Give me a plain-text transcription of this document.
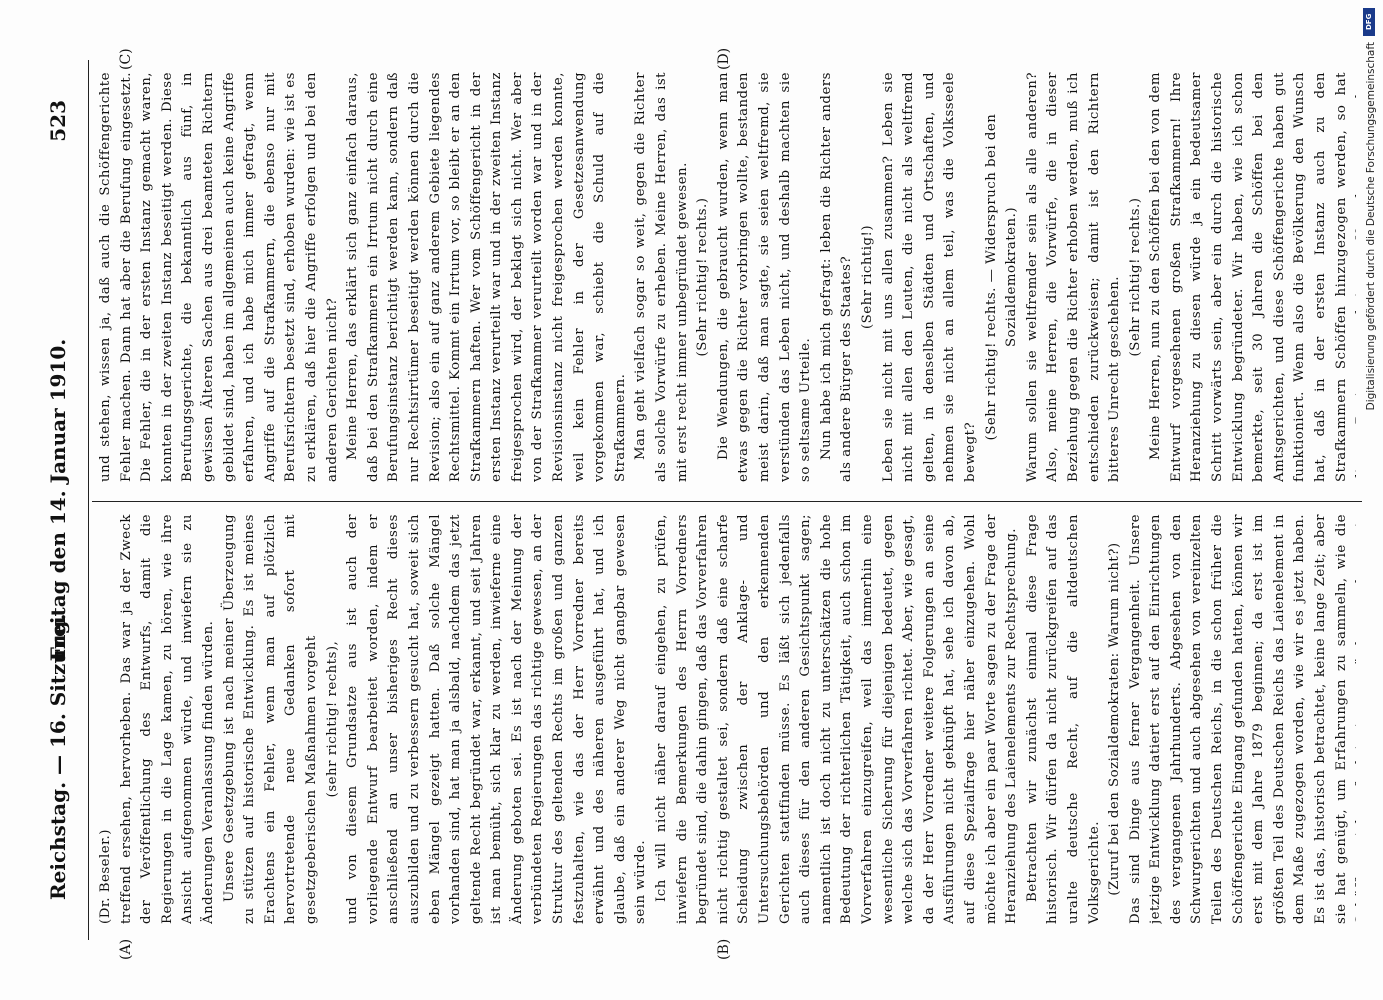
Reichstag. — 16. Sitzung.
Freitag den 14. Januar 1910.
523
(A)	(B)
(C)	(D)

(Dr. Beseler.) treffend ersehen, hervorheben. Das war ja der Zweck der Veröffentlichung des Entwurfs, damit die Regierungen in die Lage kamen, zu hören, wie ihre Ansicht aufgenommen würde, und inwiefern sie zu Änderungen Veranlassung finden würden. Unsere Gesetzgebung ist nach meiner Überzeugung zu stützen auf historische Entwicklung. Es ist meines Erachtens ein Fehler, wenn man auf plötzlich hervortretende neue Gedanken sofort mit gesetzgeberischen Maßnahmen vorgeht (sehr richtig! rechts), und von diesem Grundsatze aus ist auch der vorliegende Entwurf bearbeitet worden, indem er anschließend an unser bisheriges Recht dieses auszubilden und zu verbessern gesucht hat, soweit sich eben Mängel gezeigt hatten. Daß solche Mängel vorhanden sind, hat man ja alsbald, nachdem das jetzt geltende Recht begründet war, erkannt, und seit Jahren ist man bemüht, sich klar zu werden, inwieferne eine Änderung geboten sei. Es ist nach der Meinung der verbündeten Regierungen das richtige gewesen, an der Struktur des geltenden Rechts im großen und ganzen festzuhalten, wie das der Herr Vorredner bereits erwähnt und des näheren ausgeführt hat, und ich glaube, daß ein anderer Weg nicht gangbar gewesen sein würde. Ich will nicht näher darauf eingehen, zu prüfen, inwiefern die Bemerkungen des Herrn Vorredners begründet sind, die dahin gingen, daß das Vorverfahren nicht richtig gestaltet sei, sondern daß eine scharfe Scheidung zwischen der Anklage- und Untersuchungsbehörden und den erkennenden Gerichten stattfinden müsse. Es läßt sich jedenfalls auch dieses für den anderen Gesichtspunkt sagen; namentlich ist doch nicht zu unterschätzen die hohe Bedeutung der richterlichen Tätigkeit, auch schon im Vorverfahren einzugreifen, weil das immerhin eine wesentliche Sicherung für diejenigen bedeutet, gegen welche sich das Vorverfahren richtet. Aber, wie gesagt, da der Herr Vorredner weitere Folgerungen an seine Ausführungen nicht geknüpft hat, sehe ich davon ab, auf diese Spezialfrage hier näher einzugehen. Wohl möchte ich aber ein paar Worte sagen zu der Frage der Heranziehung des Laienelements zur Rechtsprechung. Betrachten wir zunächst einmal diese Frage historisch. Wir dürfen da nicht zurückgreifen auf das uralte deutsche Recht, auf die altdeutschen Volksgerichte. (Zuruf bei den Sozialdemokraten: Warum nicht?)

Das sind Dinge aus ferner Vergangenheit. Unsere jetzige Entwicklung datiert erst auf den Einrichtungen des vergangenen Jahrhunderts. Abgesehen von den Schwurgerichten und auch abgesehen von vereinzelten Teilen des Deutschen Reichs, in die schon früher die Schöffengerichte Eingang gefunden hatten, können wir erst mit dem Jahre 1879 beginnen; da erst ist im größten Teil des Deutschen Reichs das Laienelement in dem Maße zugezogen worden, wie wir es jetzt haben. Es ist das, historisch betrachtet, keine lange Zeit; aber sie hat genügt, um Erfahrungen zu sammeln, wie die

und stehen, wissen ja, daß auch die Schöffengerichte Fehler machen. Dann hat aber die Berufung eingesetzt. Die Fehler, die in der ersten Instanz gemacht waren, konnten in der zweiten Instanz beseitigt werden. Diese Berufungsgerichte, die bekanntlich aus fünf, in gewissen Älteren Sachen aus drei beamteten Richtern gebildet sind, haben im allgemeinen auch keine Angriffe erfahren, und ich habe mich immer gefragt, wenn Angriffe auf die Strafkammern, die ebenso nur mit Berufsrichtern besetzt sind, erhoben wurden: wie ist es zu erklären, daß hier die Angriffe erfolgen und bei den anderen Gerichten nicht? Meine Herren, das erklärt sich ganz einfach daraus, daß bei den Strafkammern ein Irrtum nicht durch eine Berufungsinstanz berichtigt werden kann, sondern daß nur Rechtsirrtümer beseitigt werden können durch die Revision; also ein auf ganz anderem Gebiete liegendes Rechtsmittel. Kommt ein Irrtum vor, so bleibt er an den Strafkammern haften. Wer vom Schöffengericht in der ersten Instanz verurteilt war und in der zweiten Instanz freigesprochen wird, der beklagt sich nicht. Wer aber von der Strafkammer verurteilt worden war und in der Revisionsinstanz nicht freigesprochen werden konnte, weil kein Fehler in der Gesetzesanwendung vorgekommen war, schiebt die Schuld auf die Strafkammern. Man geht vielfach sogar so weit, gegen die Richter als solche Vorwürfe zu erheben. Meine Herren, das ist mit erst recht immer unbegründet gewesen. (Sehr richtig! rechts.) Die Wendungen, die gebraucht wurden, wenn man etwas gegen die Richter vorbringen wollte, bestanden meist darin, daß man sagte, sie seien weltfremd, sie verstünden das Leben nicht, und deshalb machten sie so seltsame Urteile. Nun habe ich mich gefragt: leben die Richter anders als andere Bürger des Staates? (Sehr richtig!) Leben sie nicht mit uns allen zusammen? Leben sie nicht mit allen den Leuten, die nicht als weltfremd gelten, in denselben Städten und Ortschaften, und nehmen sie nicht an allem teil, was die Volksseele bewegt?

(Sehr richtig! rechts. — Widerspruch bei den Sozialdemokraten.) Warum sollen sie weltfremder sein als alle anderen? Also, meine Herren, die Vorwürfe, die in dieser Beziehung gegen die Richter erhoben werden, muß ich entschieden zurückweisen; damit ist den Richtern bitteres Unrecht geschehen. (Sehr richtig! rechts.)

Meine Herren, nun zu den Schöffen bei den von dem Entwurf vorgesehenen großen Strafkammern! Ihre Heranziehung zu diesen würde ja ein bedeutsamer Schritt vorwärts sein, aber ein durch die historische Entwicklung begründeter. Wir haben, wie ich schon bemerkte, seit 30 Jahren die Schöffen bei den Amtsgerichten, und diese Schöffengerichte haben gut funktioniert. Wenn also die Bevölkerung den Wunsch hat, daß in der ersten Instanz auch zu den Strafkammern Schöffen hinzugezogen werden, so hat

DFG
Digitalisierung gefördert durch die Deutsche Forschungsgemeinschaft
